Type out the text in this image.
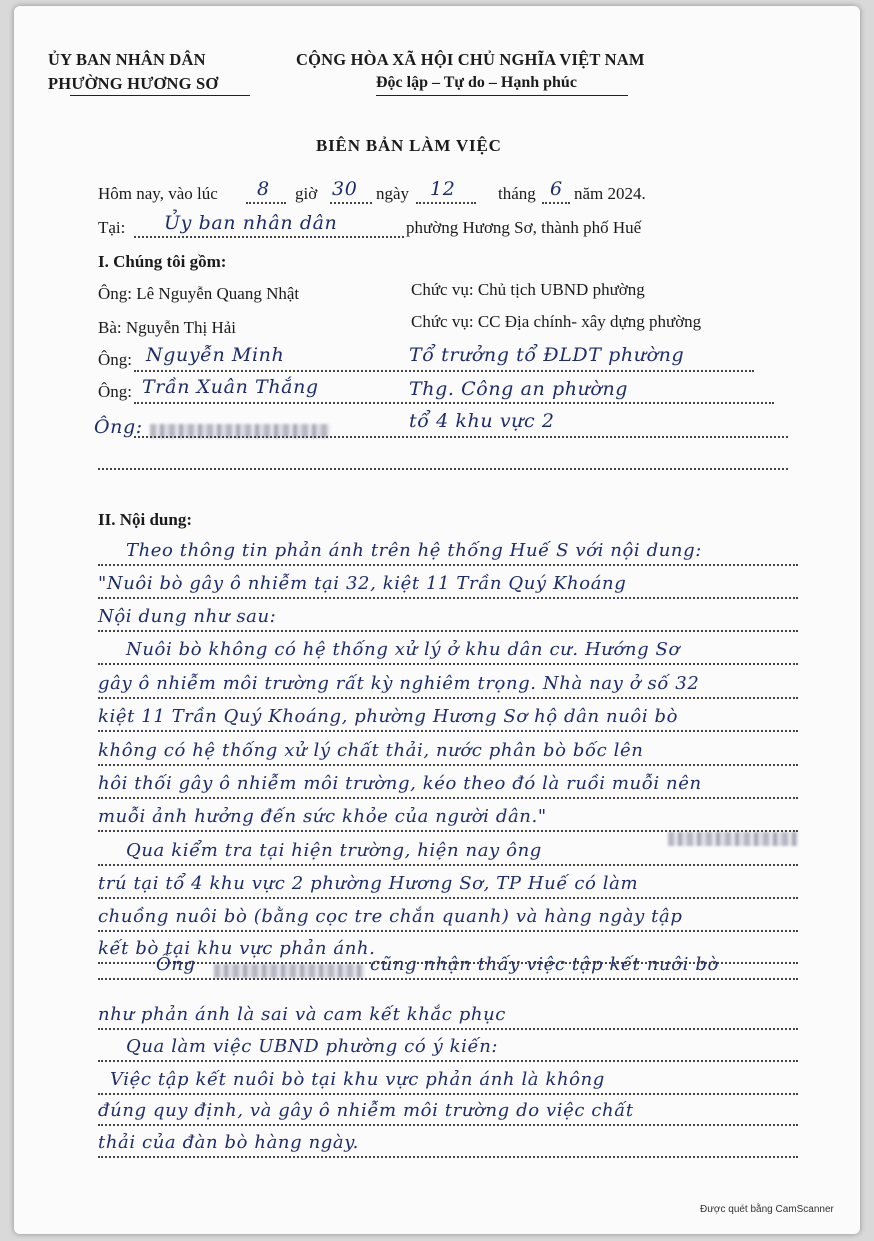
ỦY BAN NHÂN DÂN
PHƯỜNG HƯƠNG SƠ
CỘNG HÒA XÃ HỘI CHỦ NGHĨA VIỆT NAM
Độc lập – Tự do – Hạnh phúc
BIÊN BẢN LÀM VIỆC
Hôm nay, vào lúc 8 giờ 30 ngày 12	tháng 6 năm 2024.
Tại: Ủy ban nhân dân	phường Hương Sơ, thành phố Huế
I. Chúng tôi gồm:
Ông: Lê Nguyễn Quang Nhật	Chức vụ: Chủ tịch UBND phường
Bà: Nguyễn Thị Hải	Chức vụ: CC Địa chính- xây dựng phường
Ông: Nguyễn Minh	Tổ trưởng tổ ĐLDT phường
Ông: Trần Xuân Thắng	Thg. Công an phường
Ông:	tổ 4 khu vực 2
II. Nội dung:
cũng nhận thấy việc tập kết nuôi bò
Được quét bằng CamScanner
Theo thông tin phản ánh trên hệ thống Huế S với nội dung:
"Nuôi bò gây ô nhiễm tại 32, kiệt 11 Trần Quý Khoáng
Nội dung như sau:
Nuôi bò không có hệ thống xử lý ở khu dân cư. Hướng Sơ
gây ô nhiễm môi trường rất kỳ nghiêm trọng. Nhà nay ở số 32
kiệt 11 Trần Quý Khoáng, phường Hương Sơ hộ dân nuôi bò
không có hệ thống xử lý chất thải, nước phân bò bốc lên
hôi thối gây ô nhiễm môi trường, kéo theo đó là ruồi muỗi nên
muỗi ảnh hưởng đến sức khỏe của người dân."
Qua kiểm tra tại hiện trường, hiện nay ông
trú tại tổ 4 khu vực 2 phường Hương Sơ, TP Huế có làm
chuồng nuôi bò (bằng cọc tre chắn quanh) và hàng ngày tập
kết bò tại khu vực phản ánh.
Ông
như phản ánh là sai và cam kết khắc phục
Qua làm việc UBND phường có ý kiến:
Việc tập kết nuôi bò tại khu vực phản ánh là không
đúng quy định, và gây ô nhiễm môi trường do việc chất
thải của đàn bò hàng ngày.
